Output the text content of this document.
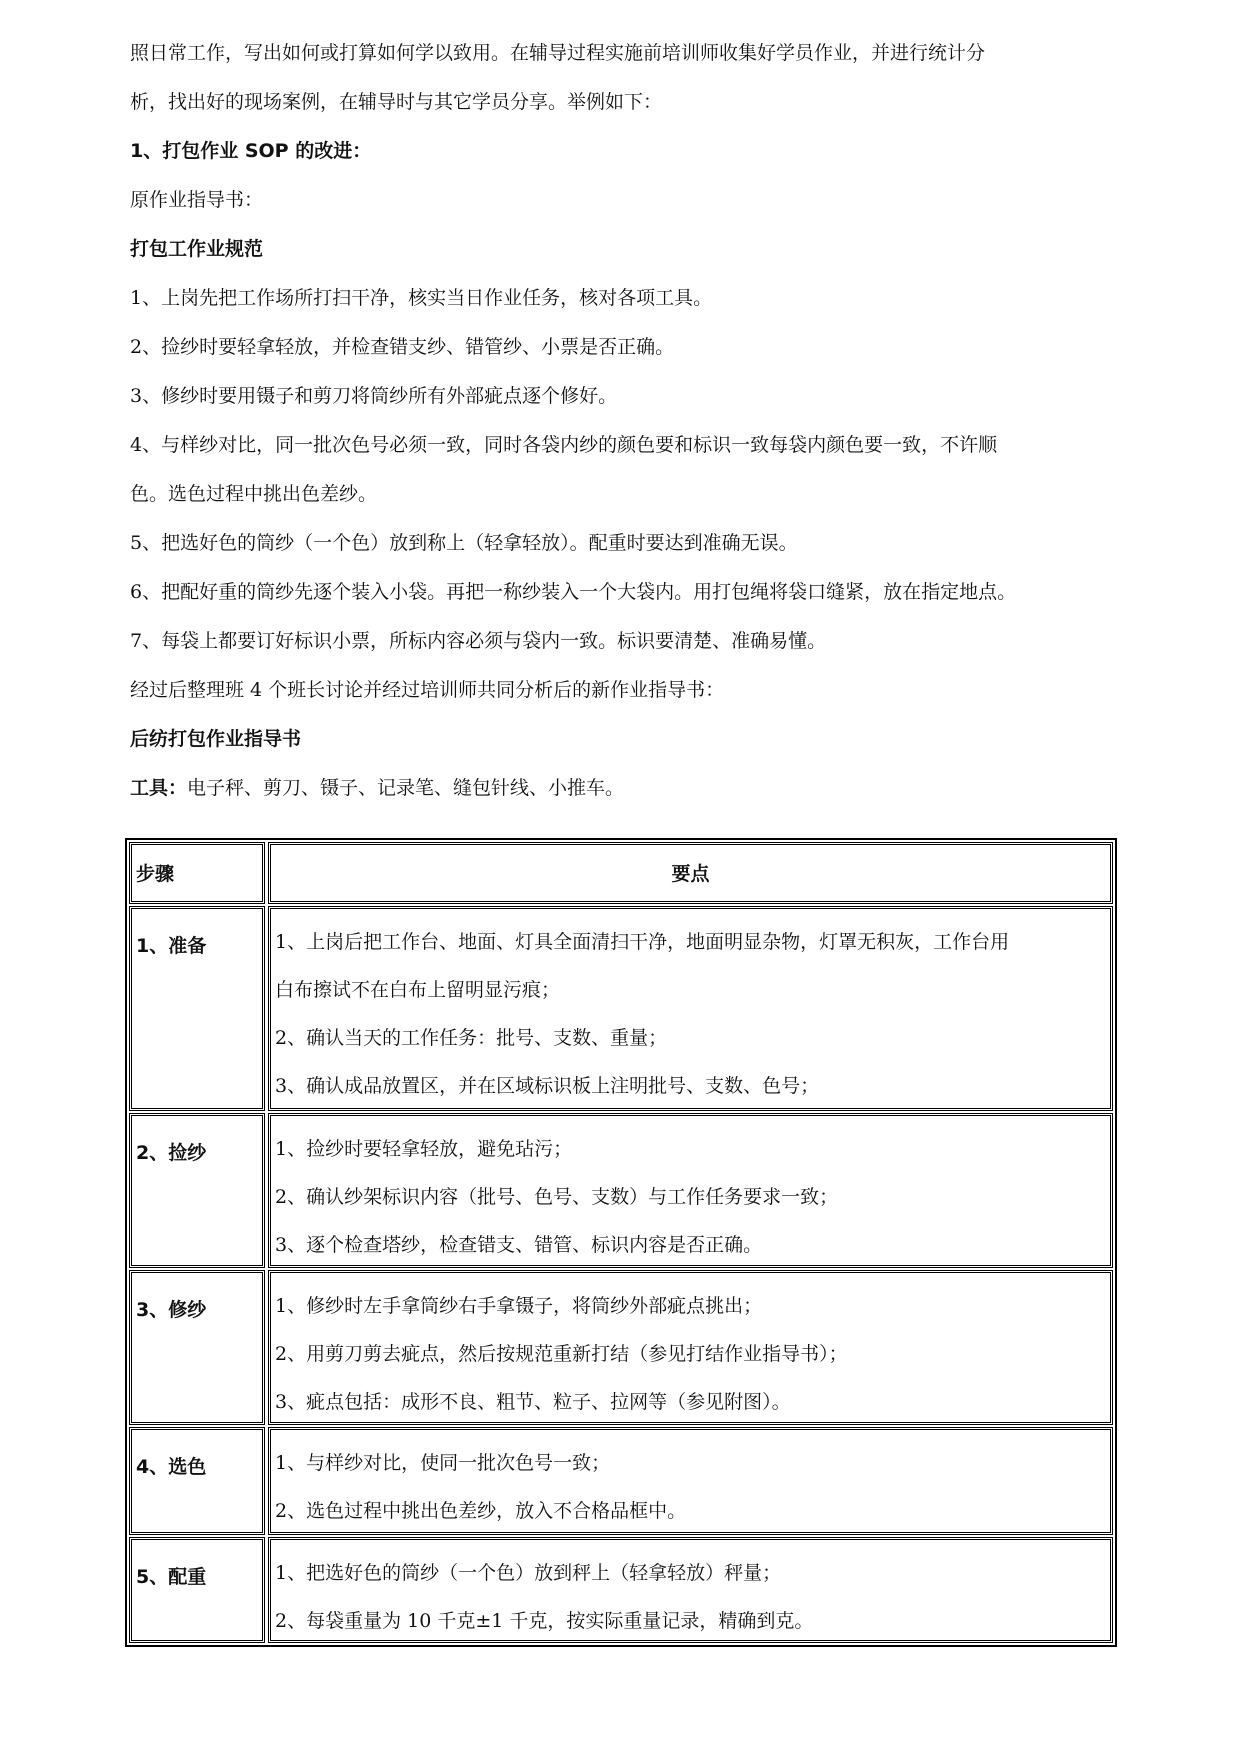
照日常工作，写出如何或打算如何学以致用。在辅导过程实施前培训师收集好学员作业，并进行统计分
析，找出好的现场案例，在辅导时与其它学员分享。举例如下：
1、打包作业 SOP 的改进：
原作业指导书：
打包工作业规范
1、上岗先把工作场所打扫干净，核实当日作业任务，核对各项工具。
2、捡纱时要轻拿轻放，并检查错支纱、错管纱、小票是否正确。
3、修纱时要用镊子和剪刀将筒纱所有外部疵点逐个修好。
4、与样纱对比，同一批次色号必须一致，同时各袋内纱的颜色要和标识一致每袋内颜色要一致，不许顺
色。选色过程中挑出色差纱。
5、把选好色的筒纱（一个色）放到称上（轻拿轻放）。配重时要达到准确无误。
6、把配好重的筒纱先逐个装入小袋。再把一称纱装入一个大袋内。用打包绳将袋口缝紧，放在指定地点。
7、每袋上都要订好标识小票，所标内容必须与袋内一致。标识要清楚、准确易懂。
经过后整理班 4 个班长讨论并经过培训师共同分析后的新作业指导书：
后纺打包作业指导书
工具：电子秤、剪刀、镊子、记录笔、缝包针线、小推车。
步骤	要点
1、准备	1、上岗后把工作台、地面、灯具全面清扫干净，地面明显杂物，灯罩无积灰，工作台用
白布擦试不在白布上留明显污痕；
2、确认当天的工作任务：批号、支数、重量；
3、确认成品放置区，并在区域标识板上注明批号、支数、色号；
2、捡纱	1、捡纱时要轻拿轻放，避免玷污；
2、确认纱架标识内容（批号、色号、支数）与工作任务要求一致；
3、逐个检查塔纱，检查错支、错管、标识内容是否正确。
3、修纱	1、修纱时左手拿筒纱右手拿镊子，将筒纱外部疵点挑出；
2、用剪刀剪去疵点，然后按规范重新打结（参见打结作业指导书）；
3、疵点包括：成形不良、粗节、粒子、拉网等（参见附图）。
4、选色	1、与样纱对比，使同一批次色号一致；
2、选色过程中挑出色差纱，放入不合格品框中。
5、配重	1、把选好色的筒纱（一个色）放到秤上（轻拿轻放）秤量；
2、每袋重量为 10 千克±1 千克，按实际重量记录，精确到克。
